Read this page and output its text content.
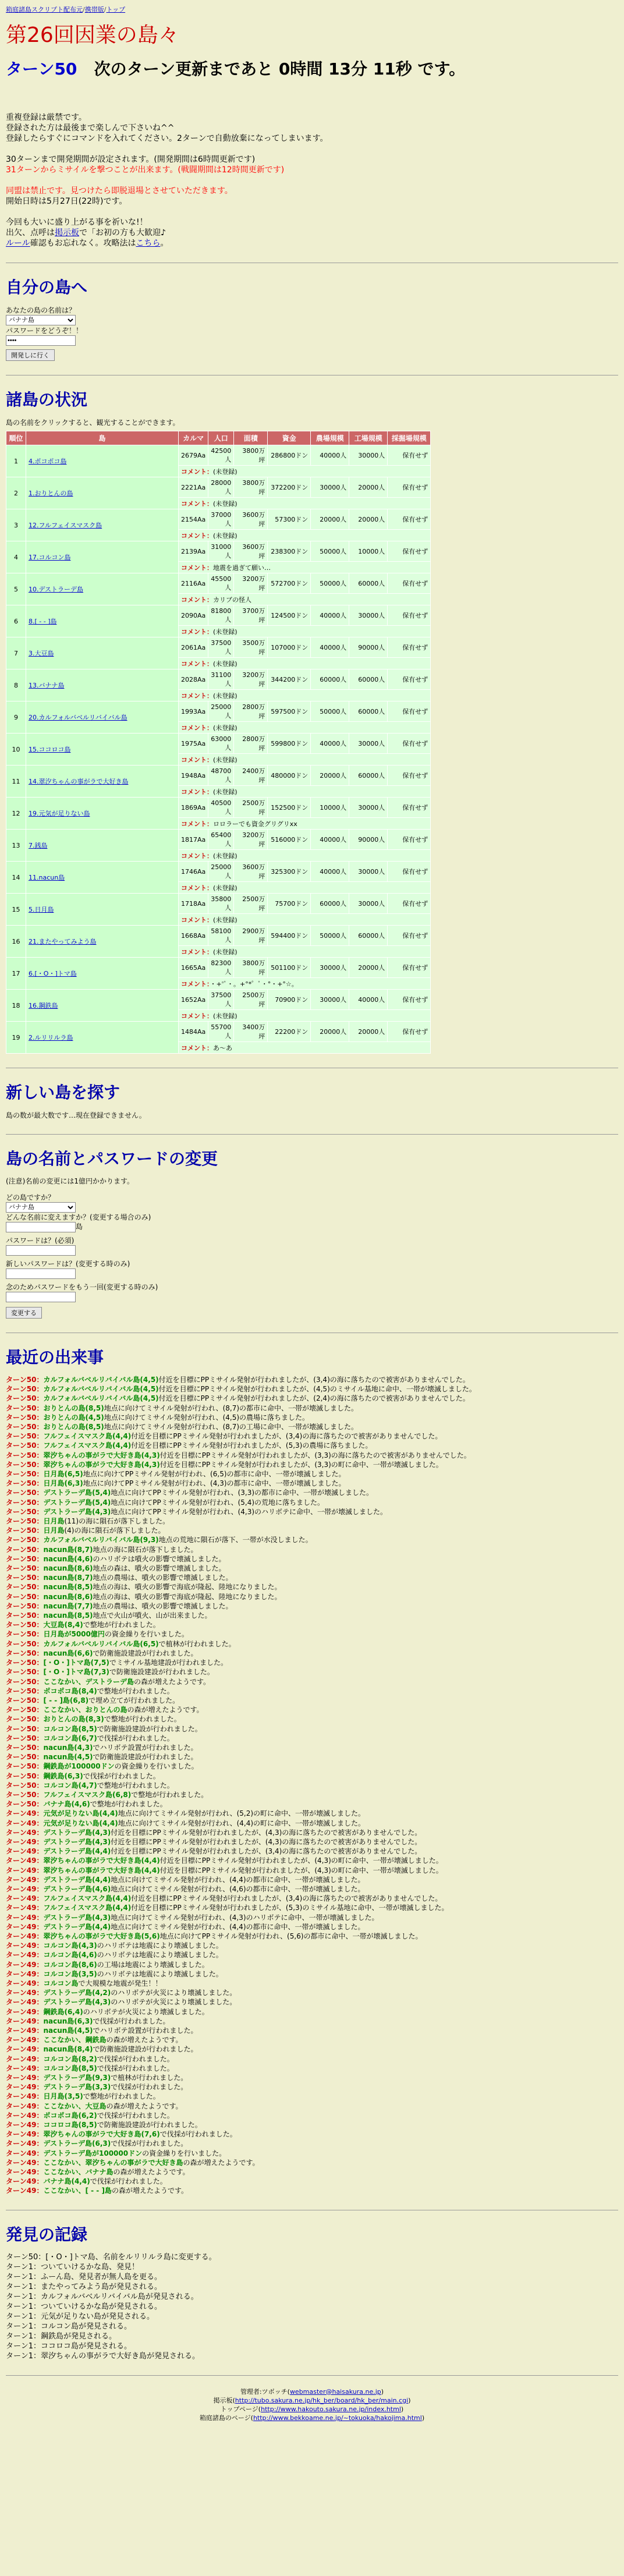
箱庭諸島スクリプト配布元/携帯版/トップ
第26回因業の島々
ターン50 次のターン更新まであと 0時間 13分 11秒 です。

重複登録は厳禁です。

登録された方は最後まで楽しんで下さいね^^

登録したらすぐにコマンドを入れてください。2ターンで自動放棄になってしまいます。

30ターンまで開発期間が設定されます。(開発期間は6時間更新です)

31ターンからミサイルを撃つことが出来ます。(戦闘期間は12時間更新です)

同盟は禁止です。見つけたら即脱退場とさせていただきます。

開始日時は5月27日(22時)です。

今回も大いに盛り上がる事を祈いな!！

出欠、点呼は掲示板で「お初の方も大歓迎♪

ルール確認もお忘れなく。攻略法はこちら。

自分の島へ
あなたの島の名前は？
バナナ島
パスワードをどうぞ！！
開発しに行く
諸島の状況
島の名前をクリックすると、観光することができます。
順位	島	カルマ	人口	面積	資金	農場規模	工場規模	採掘場規模
1	4.ポコポコ島	2679Aa	42500人	3800万坪	286800ドン	40000人	30000人	保有せず
		コメント：(未登録)						
2	1.おりとんの島	2221Aa	28000人	3800万坪	372200ドン	30000人	20000人	保有せず
		コメント：(未登録)						
3	12.フルフェイスマスク島	2154Aa	37000人	3600万坪	57300ドン	20000人	20000人	保有せず
		コメント：(未登録)						
4	17.コルコン島	2139Aa	31000人	3600万坪	238300ドン	50000人	10000人	保有せず
		コメント：地震を過ぎて願い…						
5	10.デストラーデ島	2116Aa	45500人	3200万坪	572700ドン	50000人	60000人	保有せず
		コメント：カリブの怪人						
6	8.[ - - ]島	2090Aa	81800人	3700万坪	124500ドン	40000人	30000人	保有せず
		コメント：(未登録)						
7	3.大豆島	2061Aa	37500人	3500万坪	107000ドン	40000人	90000人	保有せず
		コメント：(未登録)						
8	13.バナナ島	2028Aa	31100人	3200万坪	344200ドン	60000人	60000人	保有せず
		コメント：(未登録)						
9	20.カルフォルバベルリバイバル島	1993Aa	25000人	2800万坪	597500ドン	50000人	60000人	保有せず
		コメント：(未登録)						
10	15.ココロコ島	1975Aa	63000人	2800万坪	599800ドン	40000人	30000人	保有せず
		コメント：(未登録)						
11	14.翠汐ちゃんの事がラで大好き島	1948Aa	48700人	2400万坪	480000ドン	20000人	60000人	保有せず
		コメント：(未登録)						
12	19.元気が足りない島	1869Aa	40500人	2500万坪	152500ドン	10000人	30000人	保有せず
		コメント：ロロラーでも資金グリグリxx						
13	7.銭島	1817Aa	65400人	3200万坪	516000ドン	40000人	90000人	保有せず
		コメント：(未登録)						
14	11.nacun島	1746Aa	25000人	3600万坪	325300ドン	40000人	30000人	保有せず
		コメント：(未登録)						
15	5.日月島	1718Aa	35800人	2500万坪	75700ドン	60000人	30000人	保有せず
		コメント：(未登録)						
16	21.またやってみよう島	1668Aa	58100人	2900万坪	594400ドン	50000人	60000人	保有せず
		コメント：(未登録)						
17	6.[・O・]トマ島	1665Aa	82300人	3800万坪	501100ドン	30000人	20000人	保有せず
		コメント：・+°ﾟ・。+°*゜ﾟ・°・+°☆。						
18	16.鋼鉄島	1652Aa	37500人	2500万坪	70900ドン	30000人	40000人	保有せず
		コメント：(未登録)						
19	2.ルリリルラ島	1484Aa	55700人	3400万坪	22200ドン	20000人	20000人	保有せず
		コメント：あ〜あ						
新しい島を探す
島の数が最大数です…現在登録できません。
島の名前とパスワードの変更
(注意)名前の変更には1億円かかります。
どの島ですか？
バナナ島
どんな名前に変えますか？(変更する場合のみ)
島
パスワードは？(必須)
新しいパスワードは？(変更する時のみ)
念のためパスワードをもう一回(変更する時のみ)
変更する
最近の出来事

ターン50：カルフォルバベルリバイバル島(4,5)付近を目標にPPミサイル発射が行われましたが、(3,4)の海に落ちたので被害がありませんでした。

ターン50：カルフォルバベルリバイバル島(4,5)付近を目標にPPミサイル発射が行われましたが、(4,5)のミサイル基地に命中、一帯が壊滅しました。

ターン50：カルフォルバベルリバイバル島(4,5)付近を目標にPPミサイル発射が行われましたが、(2,4)の海に落ちたので被害がありませんでした。

ターン50：おりとんの島(8,5)地点に向けてミサイル発射が行われ、(8,7)の都市に命中、一帯が壊滅しました。

ターン50：おりとんの島(4,5)地点に向けてミサイル発射が行われ、(4,5)の農場に落ちました。

ターン50：おりとんの島(8,5)地点に向けてミサイル発射が行われ、(8,7)の工場に命中、一帯が壊滅しました。

ターン50：フルフェイスマスク島(4,4)付近を目標にPPミサイル発射が行われましたが、(3,4)の海に落ちたので被害がありませんでした。

ターン50：フルフェイスマスク島(4,4)付近を目標にPPミサイル発射が行われましたが、(5,3)の農場に落ちました。

ターン50：翠汐ちゃんの事がラで大好き島(4,3)付近を目標にPPミサイル発射が行われましたが、(3,3)の海に落ちたので被害がありませんでした。

ターン50：翠汐ちゃんの事がラで大好き島(4,3)付近を目標にPPミサイル発射が行われましたが、(3,3)の町に命中、一帯が壊滅しました。

ターン50：日月島(6,5)地点に向けてPPミサイル発射が行われ、(6,5)の都市に命中、一帯が壊滅しました。

ターン50：日月島(6,3)地点に向けてPPミサイル発射が行われ、(4,3)の都市に命中、一帯が壊滅しました。

ターン50：デストラーデ島(5,4)地点に向けてPPミサイル発射が行われ、(3,3)の都市に命中、一帯が壊滅しました。

ターン50：デストラーデ島(5,4)地点に向けてPPミサイル発射が行われ、(5,4)の荒地に落ちました。

ターン50：デストラーデ島(4,3)地点に向けてPPミサイル発射が行われ、(4,3)のハリボテに命中、一帯が壊滅しました。

ターン50：日月島(11)の海に隕石が落下しました。

ターン50：日月島(4)の海に隕石が落下しました。

ターン50：カルフォルバベルリバイバル島(9,3)地点の荒地に隕石が落下、一帯が水没しました。

ターン50：nacun島(8,7)地点の海に隕石が落下しました。

ターン50：nacun島(4,6)のハリボテは噴火の影響で壊滅しました。

ターン50：nacun島(8,6)地点の森は、噴火の影響で壊滅しました。

ターン50：nacun島(8,7)地点の農場は、噴火の影響で壊滅しました。

ターン50：nacun島(8,5)地点の海は、噴火の影響で海底が隆起、陸地になりました。

ターン50：nacun島(8,6)地点の海は、噴火の影響で海底が隆起、陸地になりました。

ターン50：nacun島(7,7)地点の農場は、噴火の影響で壊滅しました。

ターン50：nacun島(8,5)地点で火山が噴火、山が出来ました。

ターン50：大豆島(8,4)で整地が行われました。

ターン50：日月島が5000億円の資金繰りを行いました。

ターン50：カルフォルバベルリバイバル島(6,5)で植林が行われました。

ターン50：nacun島(6,6)で防衛施設建設が行われました。

ターン50：[・O・]トマ島(7,5)でミサイル基地建設が行われました。

ターン50：[・O・]トマ島(7,3)で防衛施設建設が行われました。

ターン50：ここなかい、デストラーデ島の森が増えたようです。

ターン50：ポコポコ島(8,4)で整地が行われました。

ターン50：[ - - ]島(6,8)で埋め立てが行われました。

ターン50：ここなかい、おりとんの島の森が増えたようです。

ターン50：おりとんの島(8,3)で整地が行われました。

ターン50：コルコン島(8,5)で防衛施設建設が行われました。

ターン50：コルコン島(6,7)で伐採が行われました。

ターン50：nacun島(4,3)でハリボテ設置が行われました。

ターン50：nacun島(4,5)で防衛施設建設が行われました。

ターン50：鋼鉄島が100000ドンの資金繰りを行いました。

ターン50：鋼鉄島(6,3)で伐採が行われました。

ターン50：コルコン島(4,7)で整地が行われました。

ターン50：フルフェイスマスク島(6,8)で整地が行われました。

ターン50：バナナ島(4,6)で整地が行われました。

ターン49：元気が足りない島(4,4)地点に向けてミサイル発射が行われ、(5,2)の町に命中、一帯が壊滅しました。

ターン49：元気が足りない島(4,4)地点に向けてミサイル発射が行われ、(4,4)の町に命中、一帯が壊滅しました。

ターン49：デストラーデ島(4,3)付近を目標にPPミサイル発射が行われましたが、(4,3)の海に落ちたので被害がありませんでした。

ターン49：デストラーデ島(4,3)付近を目標にPPミサイル発射が行われましたが、(4,3)の海に落ちたので被害がありませんでした。

ターン49：デストラーデ島(4,4)付近を目標にPPミサイル発射が行われましたが、(3,4)の海に落ちたので被害がありませんでした。

ターン49：翠汐ちゃんの事がラで大好き島(4,4)付近を目標にPPミサイル発射が行われましたが、(4,3)の町に命中、一帯が壊滅しました。

ターン49：翠汐ちゃんの事がラで大好き島(4,4)付近を目標にPPミサイル発射が行われましたが、(4,3)の町に命中、一帯が壊滅しました。

ターン49：デストラーデ島(4,4)地点に向けてミサイル発射が行われ、(4,4)の都市に命中、一帯が壊滅しました。

ターン49：デストラーデ島(4,6)地点に向けてミサイル発射が行われ、(4,6)の都市に命中、一帯が壊滅しました。

ターン49：フルフェイスマスク島(4,4)付近を目標にPPミサイル発射が行われましたが、(3,4)の海に落ちたので被害がありませんでした。

ターン49：フルフェイスマスク島(4,4)付近を目標にPPミサイル発射が行われましたが、(5,3)のミサイル基地に命中、一帯が壊滅しました。

ターン49：デストラーデ島(4,3)地点に向けてミサイル発射が行われ、(4,3)のハリボテに命中、一帯が壊滅しました。

ターン49：デストラーデ島(4,4)地点に向けてミサイル発射が行われ、(4,4)の都市に命中、一帯が壊滅しました。

ターン49：翠汐ちゃんの事がラで大好き島(5,6)地点に向けてPPミサイル発射が行われ、(5,6)の都市に命中、一帯が壊滅しました。

ターン49：コルコン島(4,3)のハリボテは地震により壊滅しました。

ターン49：コルコン島(4,6)のハリボテは地震により壊滅しました。

ターン49：コルコン島(8,6)の工場は地震により壊滅しました。

ターン49：コルコン島(3,5)のハリボテは地震により壊滅しました。

ターン49：コルコン島で大規模な地震が発生！！

ターン49：デストラーデ島(4,2)のハリボテが火災により壊滅しました。

ターン49：デストラーデ島(4,3)のハリボテが火災により壊滅しました。

ターン49：鋼鉄島(6,4)のハリボテが火災により壊滅しました。

ターン49：nacun島(6,3)で伐採が行われました。

ターン49：nacun島(4,5)でハリボテ設置が行われました。

ターン49：ここなかい、鋼鉄島の森が増えたようです。

ターン49：nacun島(8,4)で防衛施設建設が行われました。

ターン49：コルコン島(8,2)で伐採が行われました。

ターン49：コルコン島(8,5)で伐採が行われました。

ターン49：デストラーデ島(9,3)で植林が行われました。

ターン49：デストラーデ島(3,3)で伐採が行われました。

ターン49：日月島(3,5)で整地が行われました。

ターン49：ここなかい、大豆島の森が増えたようです。

ターン49：ポコポコ島(6,2)で伐採が行われました。

ターン49：ココロコ島(8,5)で防衛施設建設が行われました。

ターン49：翠汐ちゃんの事がラで大好き島(7,6)で伐採が行われました。

ターン49：デストラーデ島(6,3)で伐採が行われました。

ターン49：デストラーデ島が100000ドンの資金繰りを行いました。

ターン49：ここなかい、翠汐ちゃんの事がラで大好き島の森が増えたようです。

ターン49：ここなかい、バナナ島の森が増えたようです。

ターン49：バナナ島(4,4)で伐採が行われました。

ターン49：ここなかい、[ - - ]島の森が増えたようです。

発見の記録

ターン50：[・O・]トマ島、名前をルリリルラ島に変更する。

ターン1：ついていけるかな島、発見！

ターン1：ふーん島、発見者が無人島を更る。

ターン1：またやってみよう島が発見される。

ターン1：カルフォルバベルリバイバル島が発見される。

ターン1：ついていけるかな島が発見される。

ターン1：元気が足りない島が発見される。

ターン1：コルコン島が発見される。

ターン1：鋼鉄島が発見される。

ターン1：ココロコ島が発見される。

ターン1：翠汐ちゃんの事がラで大好き島が発見される。

管理者:ツボッチ(webmaster@haisakura.ne.jp)
掲示板(http://tubo.sakura.ne.jp/hk_ber/board/hk_ber/main.cgi)
トップページ(http://www.hakouto.sakura.ne.jp/index.html)
箱庭諸島のページ(http://www.bekkoame.ne.jp/~tokuoka/hakojima.html)
